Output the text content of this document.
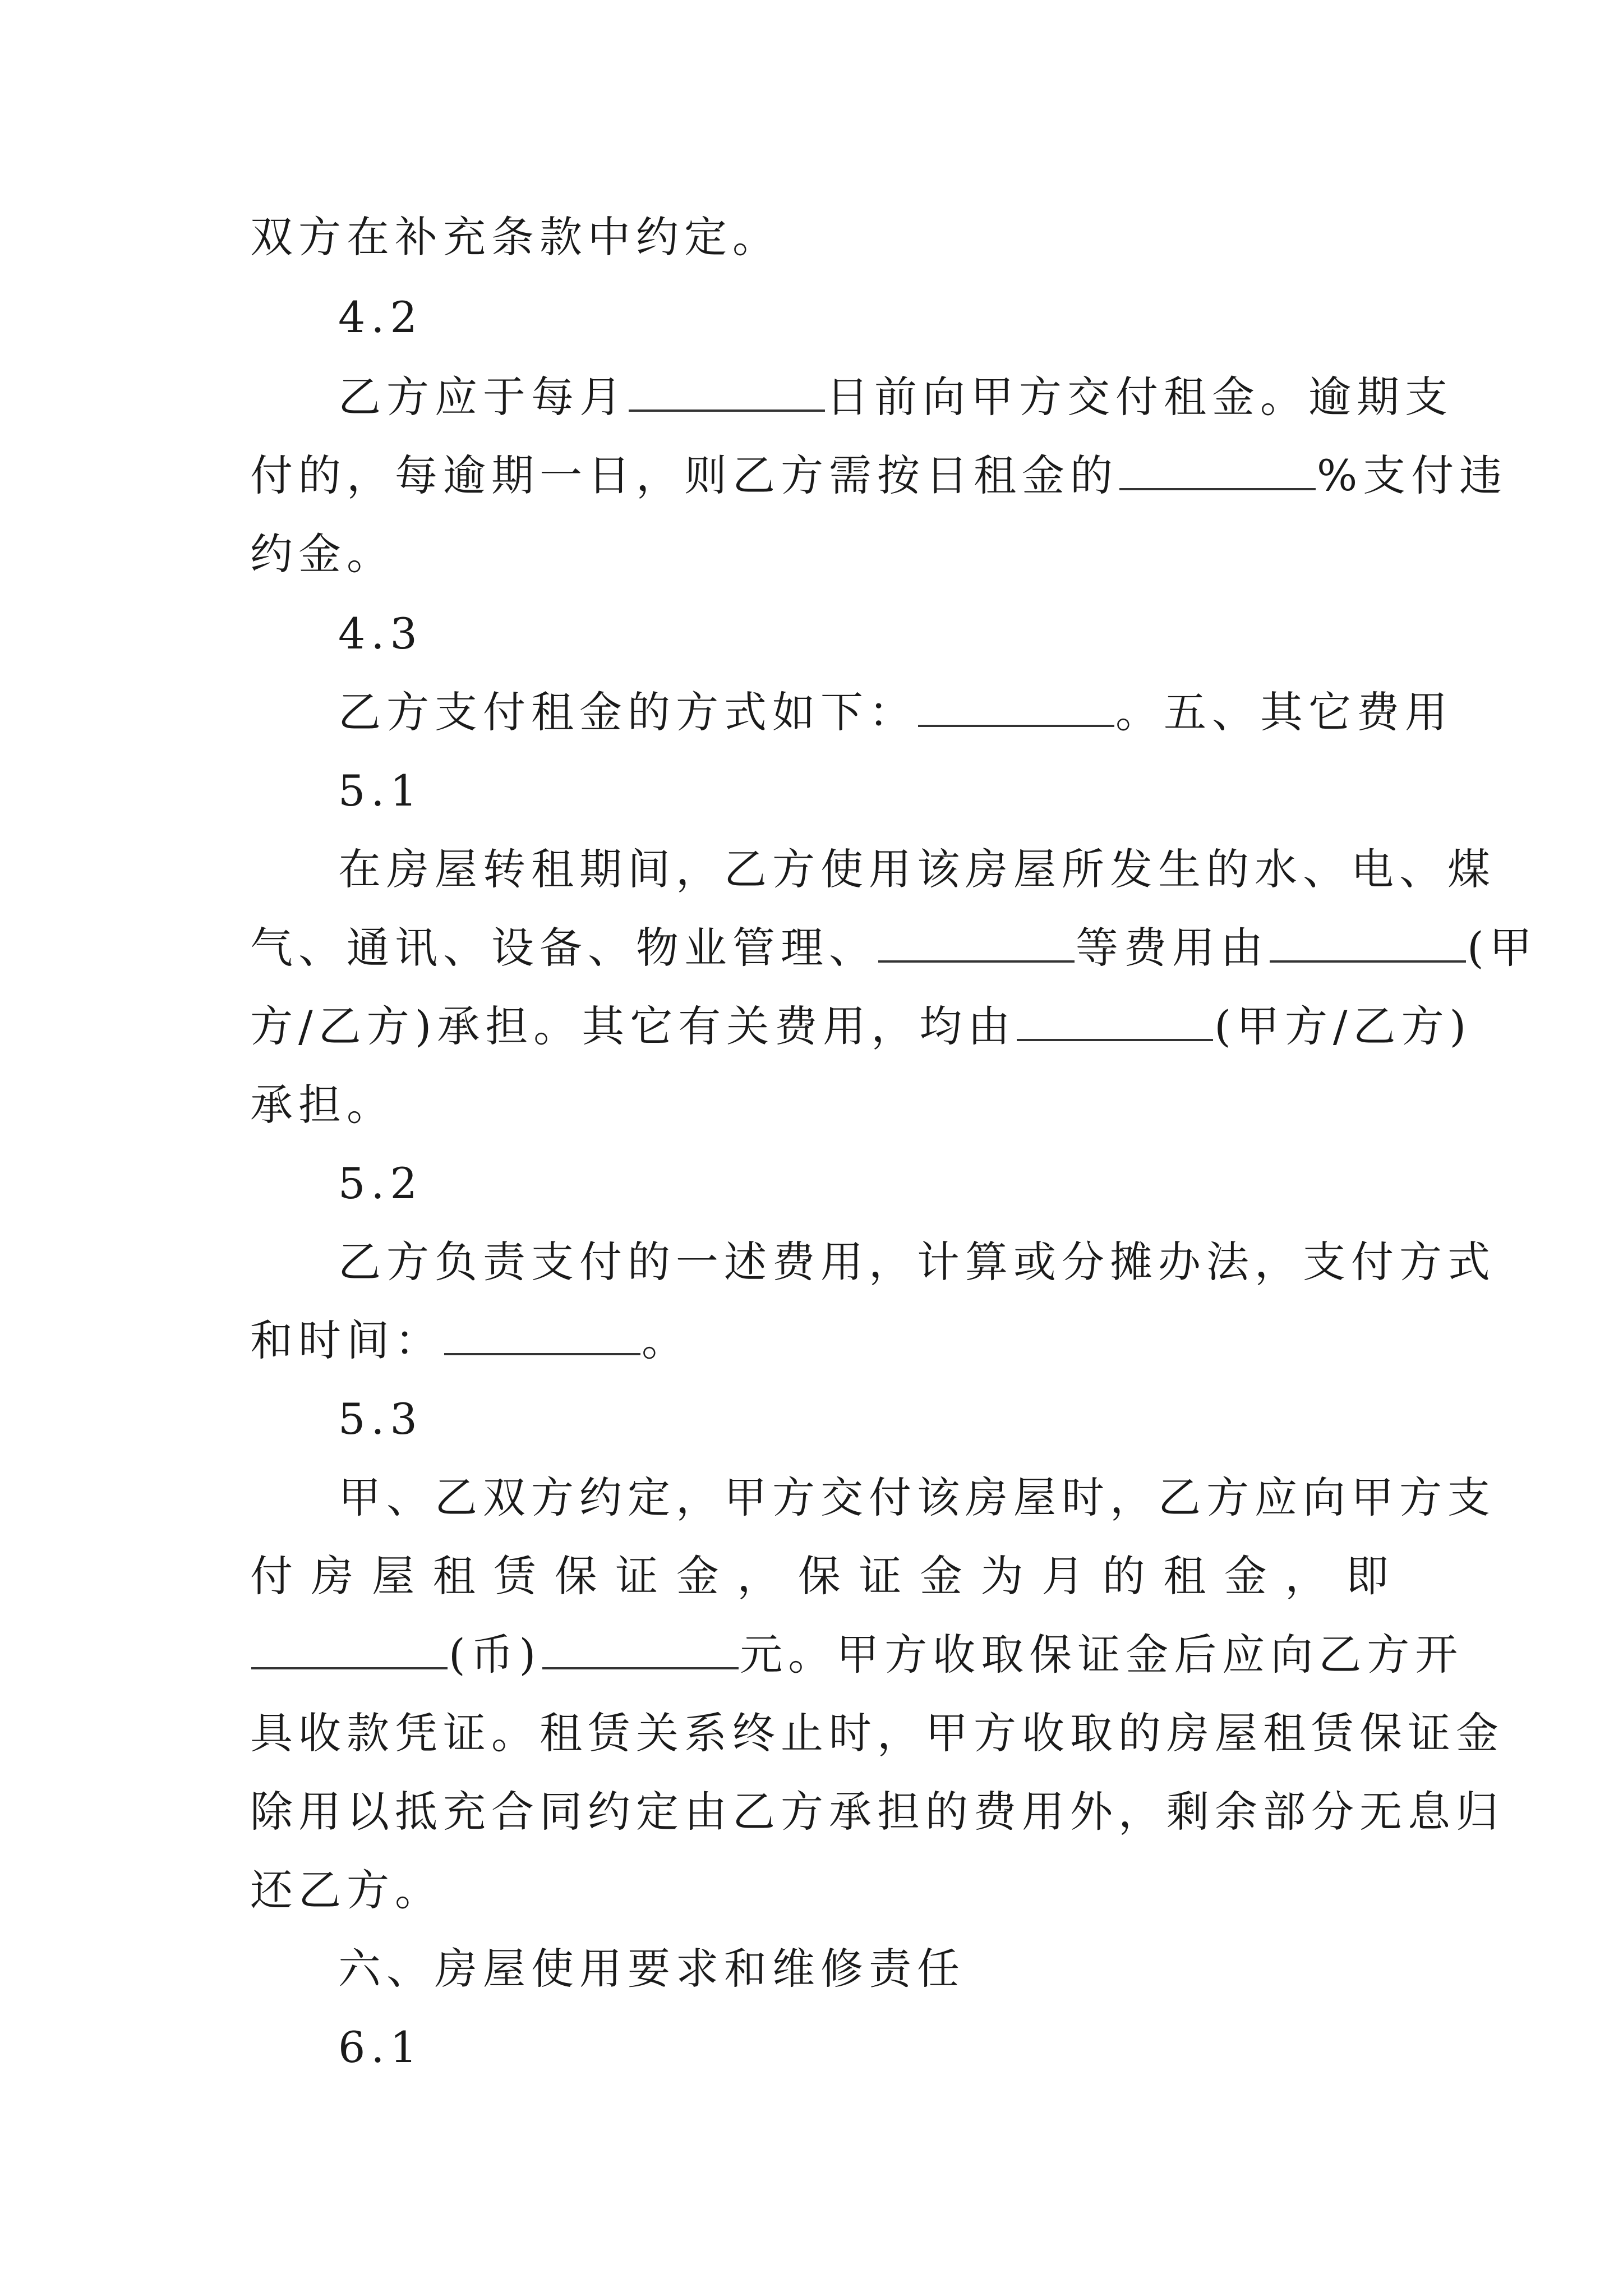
双方在补充条款中约定。
4.2
乙方应于每月	日前向甲方交付租金。逾期支
付的，每逾期一日，则乙方需按日租金的	%支付违
约金。
4.3
乙方支付租金的方式如下：	。五、其它费用
5.1
在房屋转租期间，乙方使用该房屋所发生的水、电、煤
气、通讯、设备、物业管理、	等费用由	(甲
方/乙方)承担。其它有关费用，均由	(甲方/乙方)
承担。
5.2
乙方负责支付的一述费用，计算或分摊办法，支付方式
和时间：	。
5.3
甲、乙双方约定，甲方交付该房屋时，乙方应向甲方支
付 房 屋 租 赁 保 证 金 ， 保 证 金 为 月 的 租 金 ， 即
(币)	元。甲方收取保证金后应向乙方开
具收款凭证。租赁关系终止时，甲方收取的房屋租赁保证金
除用以抵充合同约定由乙方承担的费用外，剩余部分无息归
还乙方。
六、房屋使用要求和维修责任
6.1
